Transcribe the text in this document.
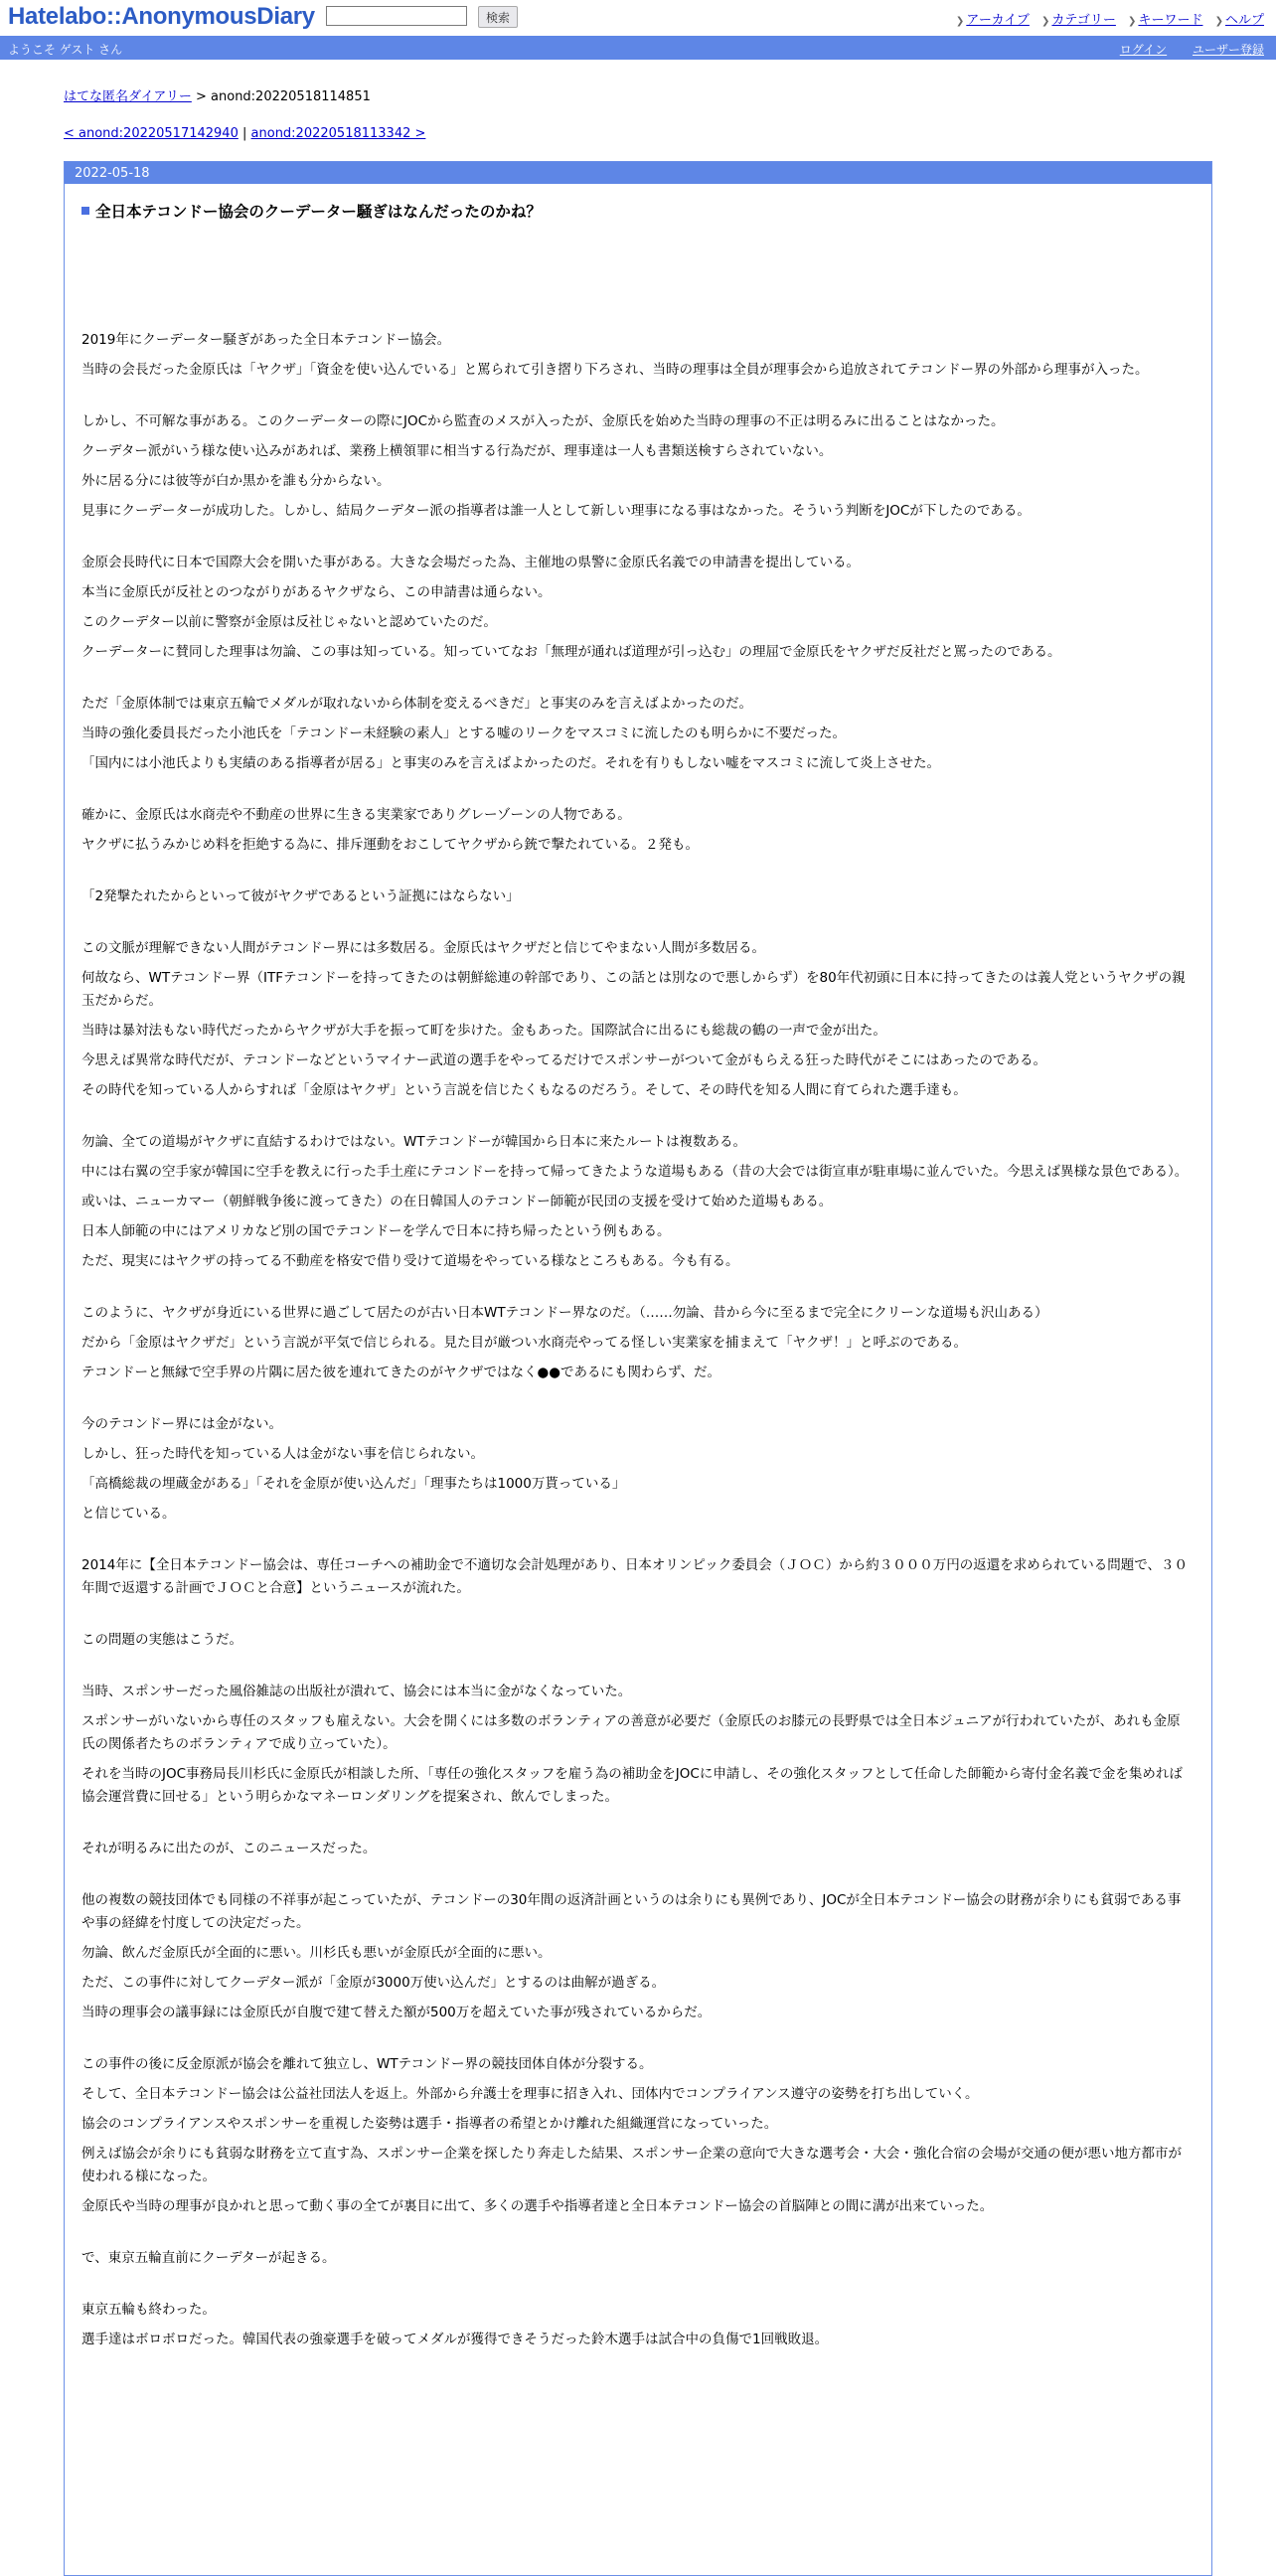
Hatelabo::AnonymousDiary	検索	❯ アーカイブ ❯ カテゴリー ❯ キーワード ❯ ヘルプ
ようこそ ゲスト さん	ログイン ユーザー登録
はてな匿名ダイアリー > anond:20220518114851
< anond:20220517142940 | anond:20220518113342 >
2022-05-18
全日本テコンドー協会のクーデーター騒ぎはなんだったのかね？

2019年にクーデーター騒ぎがあった全日本テコンドー協会。

当時の会長だった金原氏は「ヤクザ」「資金を使い込んでいる」と罵られて引き摺り下ろされ、当時の理事は全員が理事会から追放されてテコンドー界の外部から理事が入った。

しかし、不可解な事がある。このクーデーターの際にJOCから監査のメスが入ったが、金原氏を始めた当時の理事の不正は明るみに出ることはなかった。

クーデター派がいう様な使い込みがあれば、業務上横領罪に相当する行為だが、理事達は一人も書類送検すらされていない。

外に居る分には彼等が白か黒かを誰も分からない。

見事にクーデーターが成功した。しかし、結局クーデター派の指導者は誰一人として新しい理事になる事はなかった。そういう判断をJOCが下したのである。

金原会長時代に日本で国際大会を開いた事がある。大きな会場だった為、主催地の県警に金原氏名義での申請書を提出している。

本当に金原氏が反社とのつながりがあるヤクザなら、この申請書は通らない。

このクーデター以前に警察が金原は反社じゃないと認めていたのだ。

クーデーターに賛同した理事は勿論、この事は知っている。知っていてなお「無理が通れば道理が引っ込む」の理屈で金原氏をヤクザだ反社だと罵ったのである。

ただ「金原体制では東京五輪でメダルが取れないから体制を変えるべきだ」と事実のみを言えばよかったのだ。

当時の強化委員長だった小池氏を「テコンドー未経験の素人」とする嘘のリークをマスコミに流したのも明らかに不要だった。

「国内には小池氏よりも実績のある指導者が居る」と事実のみを言えばよかったのだ。それを有りもしない嘘をマスコミに流して炎上させた。

確かに、金原氏は水商売や不動産の世界に生きる実業家でありグレーゾーンの人物である。

ヤクザに払うみかじめ料を拒絶する為に、排斥運動をおこしてヤクザから銃で撃たれている。２発も。

「2発撃たれたからといって彼がヤクザであるという証拠にはならない」

この文脈が理解できない人間がテコンドー界には多数居る。金原氏はヤクザだと信じてやまない人間が多数居る。

何故なら、WTテコンドー界（ITFテコンドーを持ってきたのは朝鮮総連の幹部であり、この話とは別なので悪しからず）を80年代初頭に日本に持ってきたのは義人党というヤクザの親玉だからだ。

当時は暴対法もない時代だったからヤクザが大手を振って町を歩けた。金もあった。国際試合に出るにも総裁の鶴の一声で金が出た。

今思えば異常な時代だが、テコンドーなどというマイナー武道の選手をやってるだけでスポンサーがついて金がもらえる狂った時代がそこにはあったのである。

その時代を知っている人からすれば「金原はヤクザ」という言説を信じたくもなるのだろう。そして、その時代を知る人間に育てられた選手達も。

勿論、全ての道場がヤクザに直結するわけではない。WTテコンドーが韓国から日本に来たルートは複数ある。

中には右翼の空手家が韓国に空手を教えに行った手土産にテコンドーを持って帰ってきたような道場もある（昔の大会では街宣車が駐車場に並んでいた。今思えば異様な景色である）。

或いは、ニューカマー（朝鮮戦争後に渡ってきた）の在日韓国人のテコンドー師範が民団の支援を受けて始めた道場もある。

日本人師範の中にはアメリカなど別の国でテコンドーを学んで日本に持ち帰ったという例もある。

ただ、現実にはヤクザの持ってる不動産を格安で借り受けて道場をやっている様なところもある。今も有る。

このように、ヤクザが身近にいる世界に過ごして居たのが古い日本WTテコンドー界なのだ。（……勿論、昔から今に至るまで完全にクリーンな道場も沢山ある）

だから「金原はヤクザだ」という言説が平気で信じられる。見た目が厳つい水商売やってる怪しい実業家を捕まえて「ヤクザ！」と呼ぶのである。

テコンドーと無縁で空手界の片隅に居た彼を連れてきたのがヤクザではなく●●であるにも関わらず、だ。

今のテコンドー界には金がない。

しかし、狂った時代を知っている人は金がない事を信じられない。

「高橋総裁の埋蔵金がある」「それを金原が使い込んだ」「理事たちは1000万貰っている」

と信じている。

2014年に【全日本テコンドー協会は、専任コーチへの補助金で不適切な会計処理があり、日本オリンピック委員会（ＪＯＣ）から約３０００万円の返還を求められている問題で、３０年間で返還する計画でＪＯＣと合意】というニュースが流れた。

この問題の実態はこうだ。

当時、スポンサーだった風俗雑誌の出版社が潰れて、協会には本当に金がなくなっていた。

スポンサーがいないから専任のスタッフも雇えない。大会を開くには多数のボランティアの善意が必要だ（金原氏のお膝元の長野県では全日本ジュニアが行われていたが、あれも金原氏の関係者たちのボランティアで成り立っていた）。

それを当時のJOC事務局長川杉氏に金原氏が相談した所、「専任の強化スタッフを雇う為の補助金をJOCに申請し、その強化スタッフとして任命した師範から寄付金名義で金を集めれば協会運営費に回せる」という明らかなマネーロンダリングを提案され、飲んでしまった。

それが明るみに出たのが、このニュースだった。

他の複数の競技団体でも同様の不祥事が起こっていたが、テコンドーの30年間の返済計画というのは余りにも異例であり、JOCが全日本テコンドー協会の財務が余りにも貧弱である事や事の経緯を忖度しての決定だった。

勿論、飲んだ金原氏が全面的に悪い。川杉氏も悪いが金原氏が全面的に悪い。

ただ、この事件に対してクーデター派が「金原が3000万使い込んだ」とするのは曲解が過ぎる。

当時の理事会の議事録には金原氏が自腹で建て替えた額が500万を超えていた事が残されているからだ。

この事件の後に反金原派が協会を離れて独立し、WTテコンドー界の競技団体自体が分裂する。

そして、全日本テコンドー協会は公益社団法人を返上。外部から弁護士を理事に招き入れ、団体内でコンプライアンス遵守の姿勢を打ち出していく。

協会のコンプライアンスやスポンサーを重視した姿勢は選手・指導者の希望とかけ離れた組織運営になっていった。

例えば協会が余りにも貧弱な財務を立て直す為、スポンサー企業を探したり奔走した結果、スポンサー企業の意向で大きな選考会・大会・強化合宿の会場が交通の便が悪い地方都市が使われる様になった。

金原氏や当時の理事が良かれと思って動く事の全てが裏目に出て、多くの選手や指導者達と全日本テコンドー協会の首脳陣との間に溝が出来ていった。

で、東京五輪直前にクーデターが起きる。

東京五輪も終わった。

選手達はボロボロだった。韓国代表の強豪選手を破ってメダルが獲得できそうだった鈴木選手は試合中の負傷で1回戦敗退。
